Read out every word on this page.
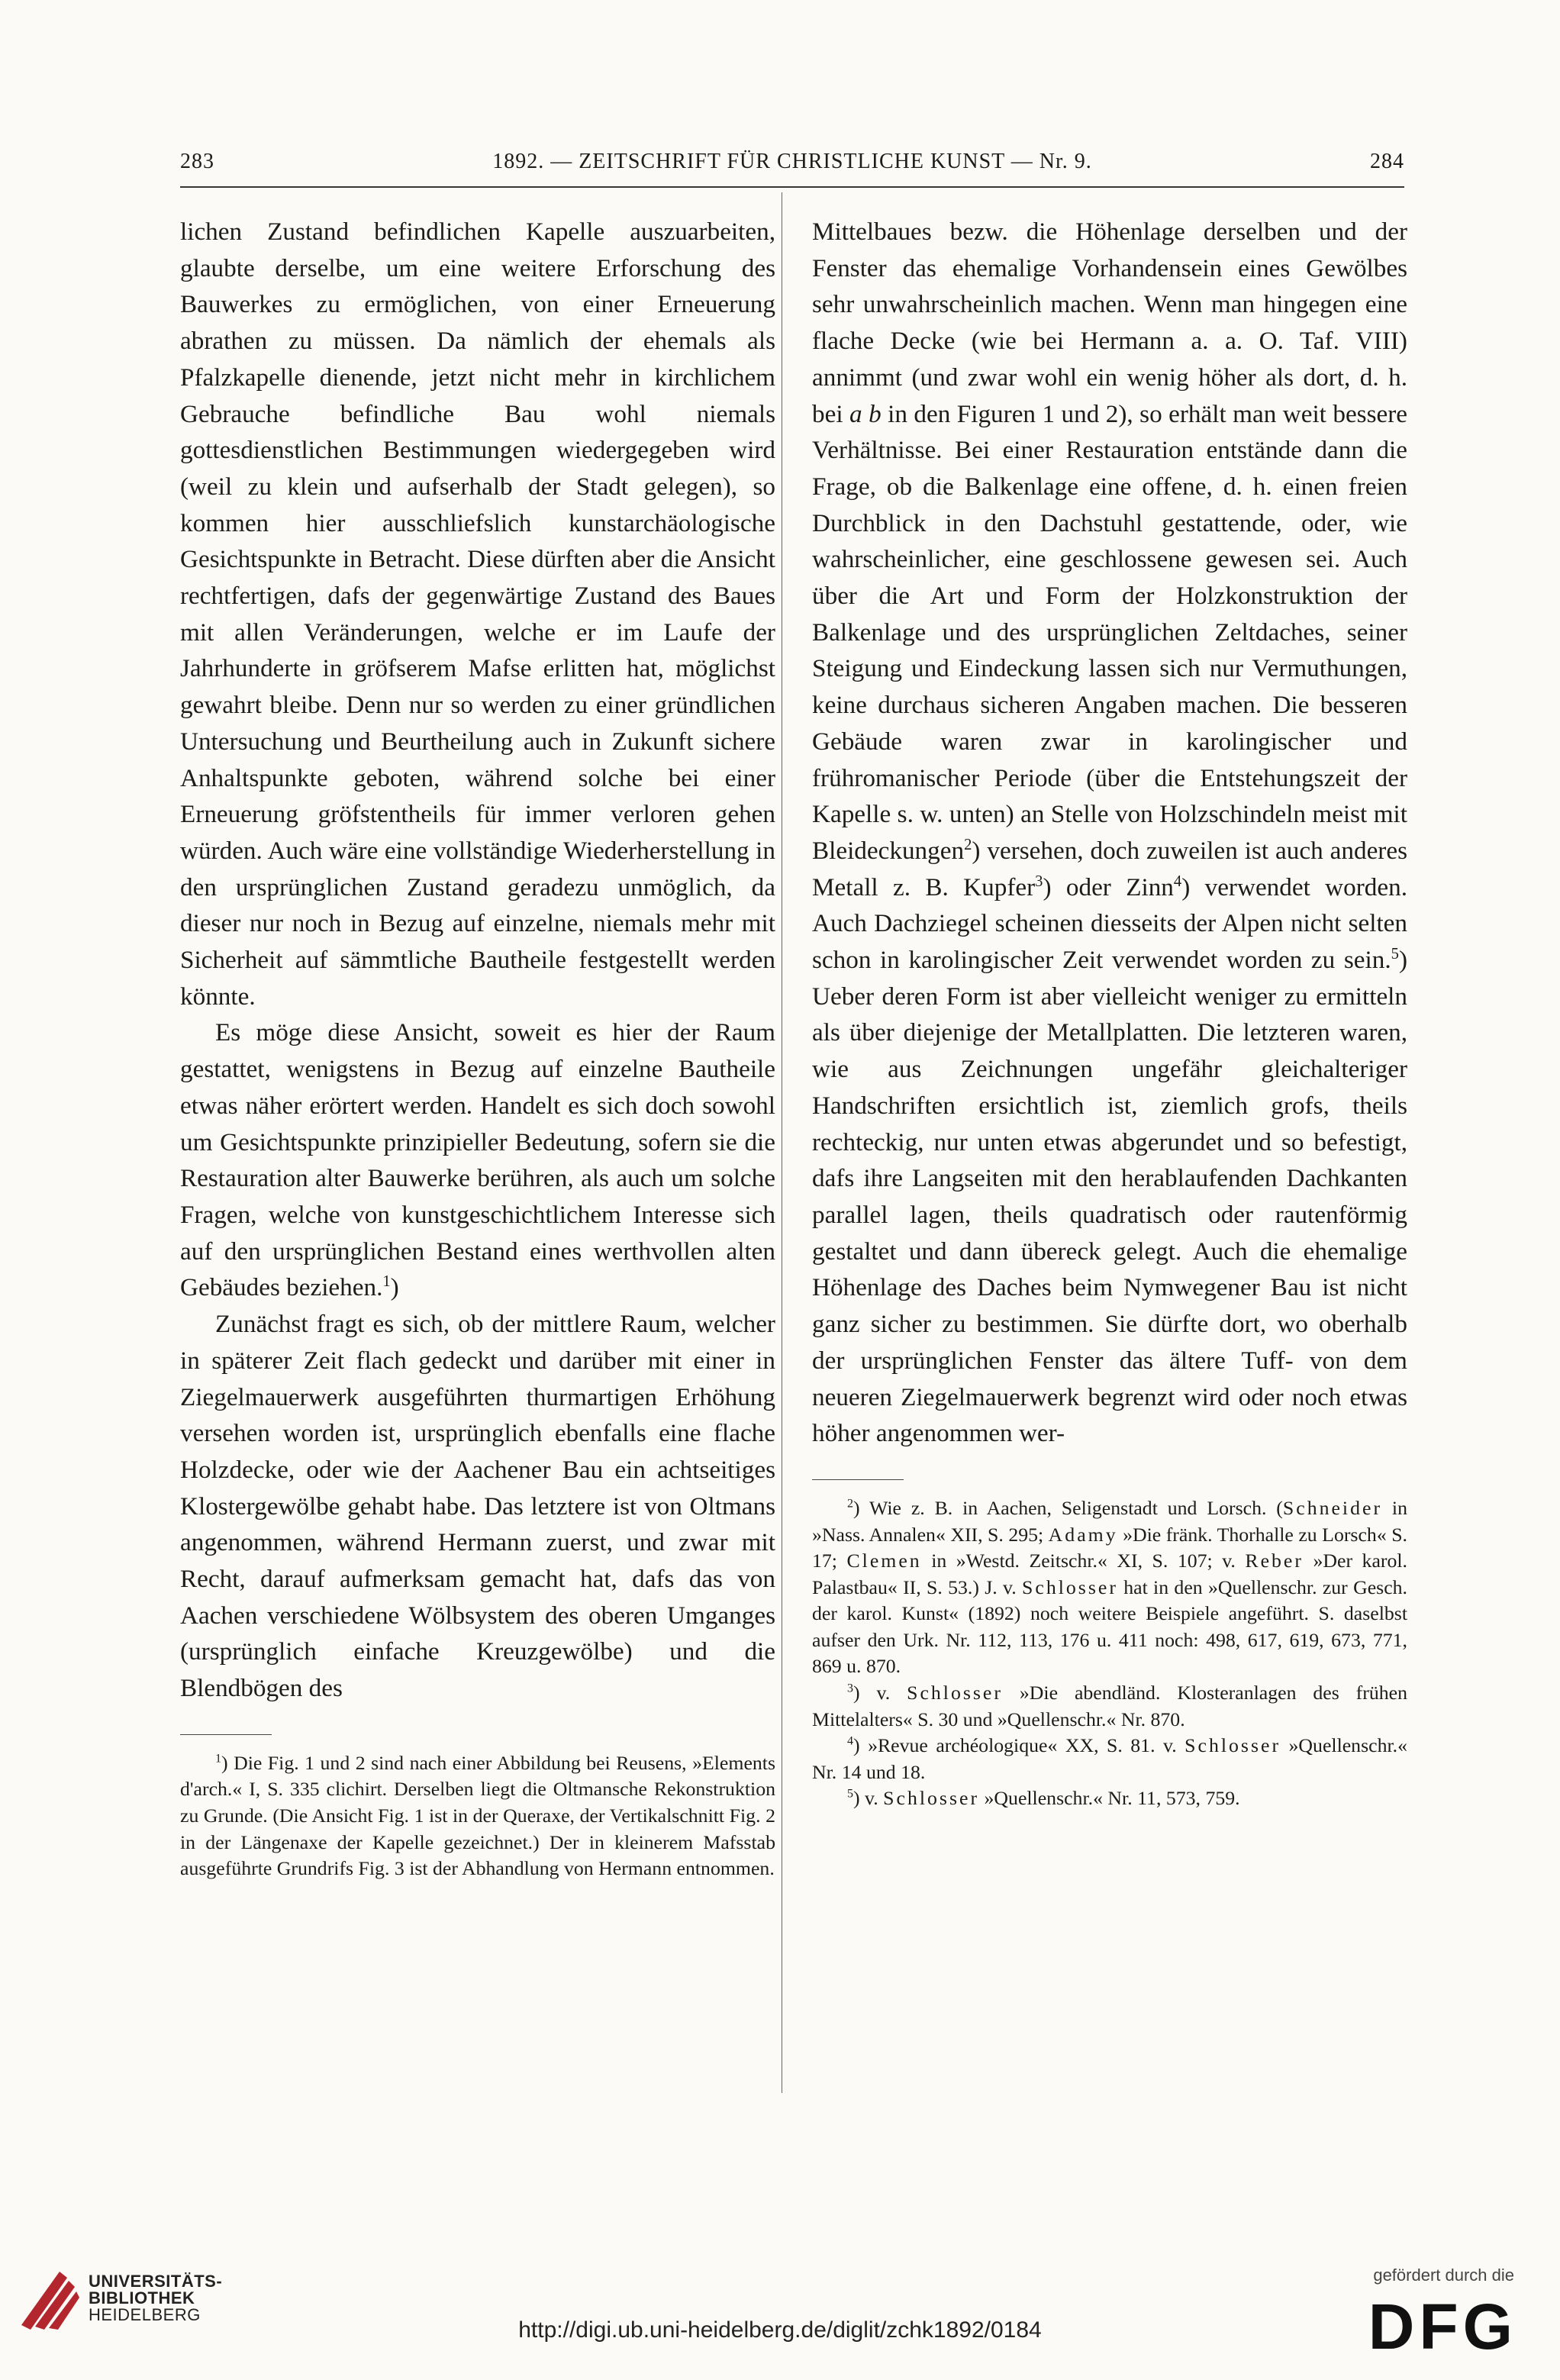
283	1892. — ZEITSCHRIFT FÜR CHRISTLICHE KUNST — Nr. 9.	284

lichen Zustand befindlichen Kapelle auszuarbeiten, glaubte derselbe, um eine weitere Erforschung des Bauwerkes zu ermöglichen, von einer Erneuerung abrathen zu müssen. Da nämlich der ehemals als Pfalzkapelle dienende, jetzt nicht mehr in kirchlichem Gebrauche befindliche Bau wohl niemals gottesdienstlichen Bestimmungen wiedergegeben wird (weil zu klein und aufserhalb der Stadt gelegen), so kommen hier ausschliefslich kunstarchäologische Gesichtspunkte in Betracht. Diese dürften aber die Ansicht rechtfertigen, dafs der gegenwärtige Zustand des Baues mit allen Veränderungen, welche er im Laufe der Jahrhunderte in gröfserem Mafse erlitten hat, möglichst gewahrt bleibe. Denn nur so werden zu einer gründlichen Untersuchung und Beurtheilung auch in Zukunft sichere Anhaltspunkte geboten, während solche bei einer Erneuerung gröfstentheils für immer verloren gehen würden. Auch wäre eine vollständige Wiederherstellung in den ursprünglichen Zustand geradezu unmöglich, da dieser nur noch in Bezug auf einzelne, niemals mehr mit Sicherheit auf sämmtliche Bautheile festgestellt werden könnte.

Es möge diese Ansicht, soweit es hier der Raum gestattet, wenigstens in Bezug auf einzelne Bautheile etwas näher erörtert werden. Handelt es sich doch sowohl um Gesichtspunkte prinzipieller Bedeutung, sofern sie die Restauration alter Bauwerke berühren, als auch um solche Fragen, welche von kunstgeschichtlichem Interesse sich auf den ursprünglichen Bestand eines werthvollen alten Gebäudes beziehen.$^1$)

Zunächst fragt es sich, ob der mittlere Raum, welcher in späterer Zeit flach gedeckt und darüber mit einer in Ziegelmauerwerk ausgeführten thurmartigen Erhöhung versehen worden ist, ursprünglich ebenfalls eine flache Holzdecke, oder wie der Aachener Bau ein achtseitiges Klostergewölbe gehabt habe. Das letztere ist von Oltmans angenommen, während Hermann zuerst, und zwar mit Recht, darauf aufmerksam gemacht hat, dafs das von Aachen verschiedene Wölbsystem des oberen Umganges (ursprünglich einfache Kreuzgewölbe) und die Blendbögen des

$^1$) Die Fig. 1 und 2 sind nach einer Abbildung bei Reusens, »Elements d'arch.« I, S. 335 clichirt. Derselben liegt die Oltmansche Rekonstruktion zu Grunde. (Die Ansicht Fig. 1 ist in der Queraxe, der Vertikalschnitt Fig. 2 in der Längenaxe der Kapelle gezeichnet.) Der in kleinerem Mafsstab ausgeführte Grundrifs Fig. 3 ist der Abhandlung von Hermann entnommen.

Mittelbaues bezw. die Höhenlage derselben und der Fenster das ehemalige Vorhandensein eines Gewölbes sehr unwahrscheinlich machen. Wenn man hingegen eine flache Decke (wie bei Hermann a. a. O. Taf. VIII) annimmt (und zwar wohl ein wenig höher als dort, d. h. bei a b in den Figuren 1 und 2), so erhält man weit bessere Verhältnisse. Bei einer Restauration entstände dann die Frage, ob die Balkenlage eine offene, d. h. einen freien Durchblick in den Dachstuhl gestattende, oder, wie wahrscheinlicher, eine geschlossene gewesen sei. Auch über die Art und Form der Holzkonstruktion der Balkenlage und des ursprünglichen Zeltdaches, seiner Steigung und Eindeckung lassen sich nur Vermuthungen, keine durchaus sicheren Angaben machen. Die besseren Gebäude waren zwar in karolingischer und frühromanischer Periode (über die Entstehungszeit der Kapelle s. w. unten) an Stelle von Holzschindeln meist mit Bleideckungen$^2$) versehen, doch zuweilen ist auch anderes Metall z. B. Kupfer$^3$) oder Zinn$^4$) verwendet worden. Auch Dachziegel scheinen diesseits der Alpen nicht selten schon in karolingischer Zeit verwendet worden zu sein.$^5$) Ueber deren Form ist aber vielleicht weniger zu ermitteln als über diejenige der Metallplatten. Die letzteren waren, wie aus Zeichnungen ungefähr gleichalteriger Handschriften ersichtlich ist, ziemlich grofs, theils rechteckig, nur unten etwas abgerundet und so befestigt, dafs ihre Langseiten mit den herablaufenden Dachkanten parallel lagen, theils quadratisch oder rautenförmig gestaltet und dann übereck gelegt. Auch die ehemalige Höhenlage des Daches beim Nymwegener Bau ist nicht ganz sicher zu bestimmen. Sie dürfte dort, wo oberhalb der ursprünglichen Fenster das ältere Tuff- von dem neueren Ziegelmauerwerk begrenzt wird oder noch etwas höher angenommen wer-

$^2$) Wie z. B. in Aachen, Seligenstadt und Lorsch. (Schneider in »Nass. Annalen« XII, S. 295; Adamy »Die fränk. Thorhalle zu Lorsch« S. 17; Clemen in »Westd. Zeitschr.« XI, S. 107; v. Reber »Der karol. Palastbau« II, S. 53.) J. v. Schlosser hat in den »Quellenschr. zur Gesch. der karol. Kunst« (1892) noch weitere Beispiele angeführt. S. daselbst aufser den Urk. Nr. 112, 113, 176 u. 411 noch: 498, 617, 619, 673, 771, 869 u. 870.

$^3$) v. Schlosser »Die abendländ. Klosteranlagen des frühen Mittelalters« S. 30 und »Quellenschr.« Nr. 870.

$^4$) »Revue archéologique« XX, S. 81. v. Schlosser »Quellenschr.« Nr. 14 und 18.

$^5$) v. Schlosser »Quellenschr.« Nr. 11, 573, 759.

UNIVERSITÄTS-
BIBLIOTHEK
HEIDELBERG
http://digi.ub.uni-heidelberg.de/diglit/zchk1892/0184
gefördert durch die
DFG
